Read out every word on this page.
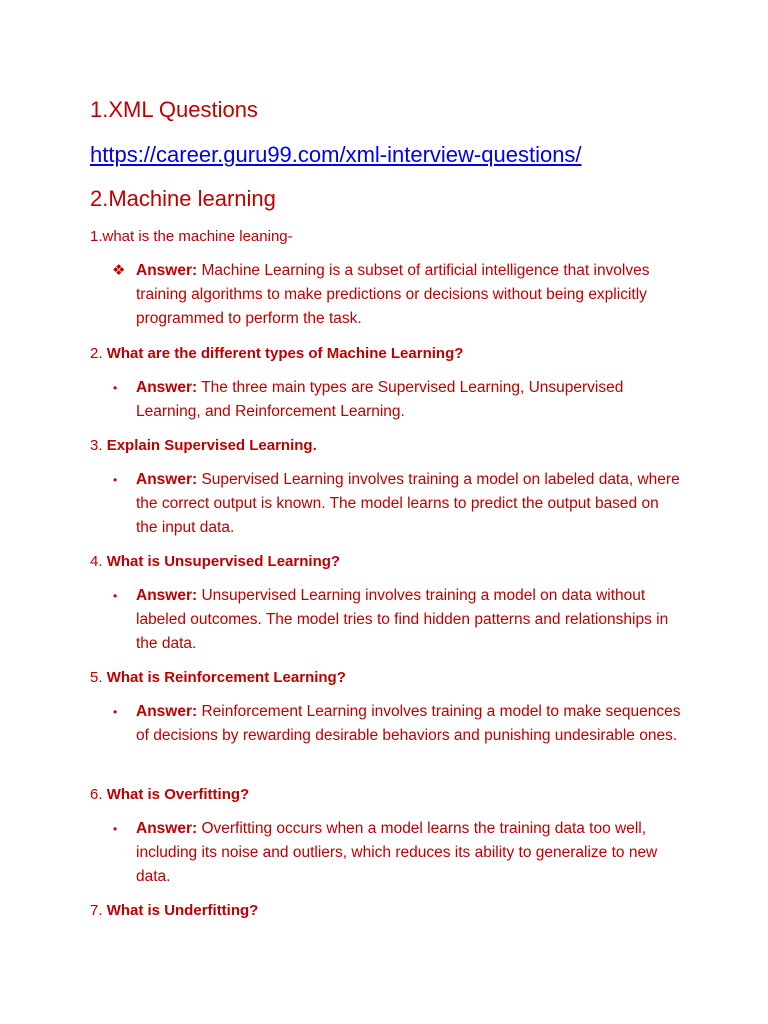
1.XML Questions
https://career.guru99.com/xml-interview-questions/
2.Machine learning
1.what is the machine leaning-
❖ Answer: Machine Learning is a subset of artificial intelligence that involves training algorithms to make predictions or decisions without being explicitly programmed to perform the task.
2. What are the different types of Machine Learning?
• Answer: The three main types are Supervised Learning, Unsupervised Learning, and Reinforcement Learning.
3. Explain Supervised Learning.
• Answer: Supervised Learning involves training a model on labeled data, where the correct output is known. The model learns to predict the output based on the input data.
4. What is Unsupervised Learning?
• Answer: Unsupervised Learning involves training a model on data without labeled outcomes. The model tries to find hidden patterns and relationships in the data.
5. What is Reinforcement Learning?
• Answer: Reinforcement Learning involves training a model to make sequences of decisions by rewarding desirable behaviors and punishing undesirable ones.
6. What is Overfitting?
• Answer: Overfitting occurs when a model learns the training data too well, including its noise and outliers, which reduces its ability to generalize to new data.
7. What is Underfitting?
